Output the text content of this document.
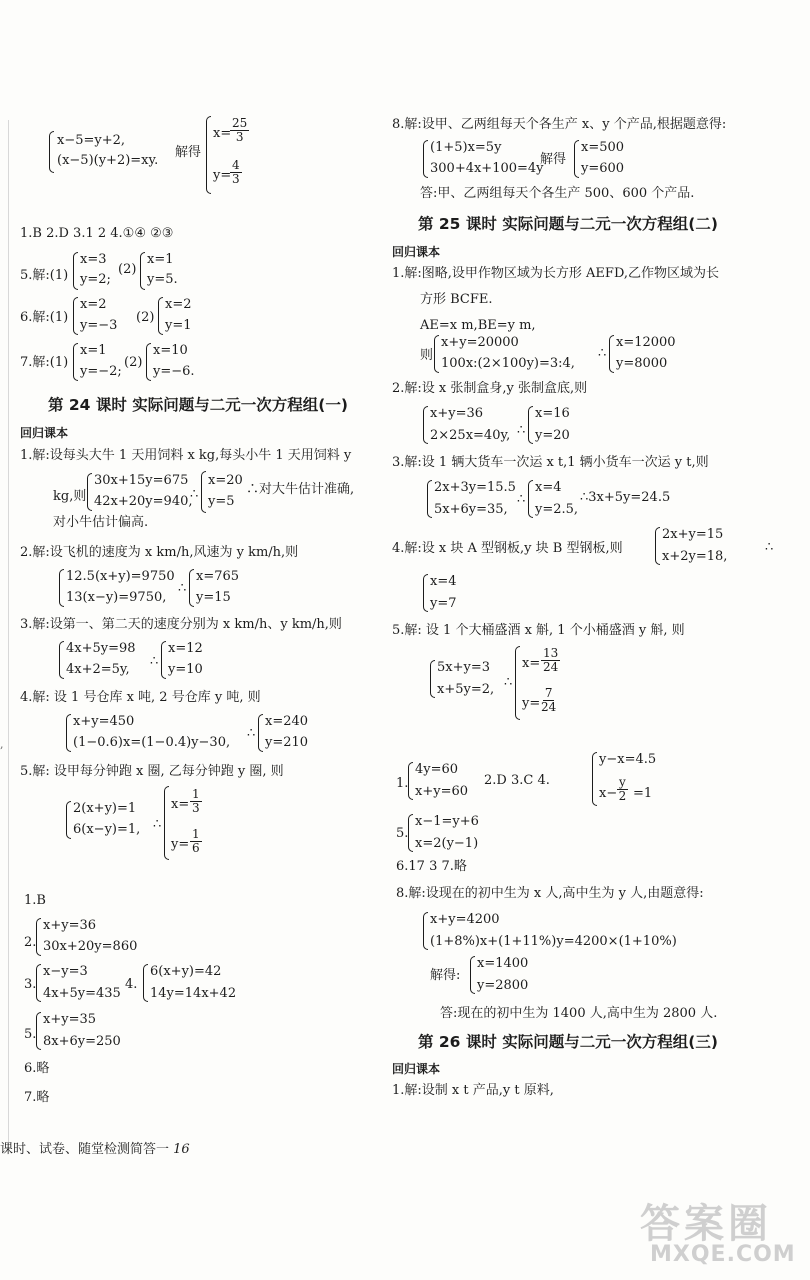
,
x−5=y+2,
(x−5)(y+2)=xy.
解得
x=
$\frac{25}{3}$
y=
$\frac{4}{3}$
1.B 2.D 3.1 2 4.①④ ②③
5.解:(1)
x=3
y=2;
(2)
x=1
y=5.
6.解:(1)
x=2
y=−3
(2)
x=2
y=1
7.解:(1)
x=1
y=−2;
(2)
x=10
y=−6.
第 24 课时 实际问题与二元一次方程组(一)
回归课本
1.解:设每头大牛 1 天用饲料 x kg,每头小牛 1 天用饲料 y
kg,则
30x+15y=675
42x+20y=940,
∴
x=20
y=5
∴对大牛估计准确,
对小牛估计偏高.
2.解:设飞机的速度为 x km/h,风速为 y km/h,则
12.5(x+y)=9750
13(x−y)=9750,
∴
x=765
y=15
3.解:设第一、第二天的速度分别为 x km/h、y km/h,则
4x+5y=98
4x+2=5y,
∴
x=12
y=10
4.解: 设 1 号仓库 x 吨, 2 号仓库 y 吨, 则
x+y=450
(1−0.6)x=(1−0.4)y−30,
∴
x=240
y=210
5.解: 设甲每分钟跑 x 圈, 乙每分钟跑 y 圈, 则
2(x+y)=1
6(x−y)=1, ∴
$x= \frac{1}{3}$
$y= \frac{1}{6}$
1.B
2.
x+y=36
30x+20y=860
3.
x−y=3
4x+5y=435
4.
6(x+y)=42
14y=14x+42
5.
x+y=35
8x+6y=250
6.略
7.略
8.解:设甲、乙两组每天个各生产 x、y 个产品,根据题意得:
(1+5)x=5y
300+4x+100=4y
解得
x=500
y=600
答:甲、乙两组每天个各生产 500、600 个产品.
第 25 课时 实际问题与二元一次方程组(二)
回归课本
1.解:图略,设甲作物区域为长方形 AEFD,乙作物区域为长
方形 BCFE.
AE=x m,BE=y m,
则
x+y=20000
100x:(2×100y)=3:4,
∴
x=12000
y=8000
2.解:设 x 张制盒身,y 张制盒底,则
x+y=36
2×25x=40y, ∴
x=16
y=20
3.解:设 1 辆大货车一次运 x t,1 辆小货车一次运 y t,则
2x+3y=15.5
5x+6y=35,
∴
x=4
y=2.5,
∴3x+5y=24.5
4.解:设 x 块 A 型钢板,y 块 B 型钢板,则
2x+y=15
x+2y=18,
∴
x=4
y=7
5.解: 设 1 个大桶盛酒 x 斛, 1 个小桶盛酒 y 斛, 则
5x+y=3
x+5y=2, ∴
$x= \frac{13}{24}$
$y= \frac{7}{24}$
1.
4y=60
x+y=60
2.D 3.C 4.
y−x=4.5
$x- \frac{y}{2} =1$
5.
x−1=y+6
x=2(y−1)
6.17 3 7.略
8.解:设现在的初中生为 x 人,高中生为 y 人,由题意得:
x+y=4200
(1+8%)x+(1+11%)y=4200×(1+10%)
解得:
x=1400
y=2800
答:现在的初中生为 1400 人,高中生为 2800 人.
第 26 课时 实际问题与二元一次方程组(三)
回归课本
1.解:设制 x t 产品,y t 原料,
课时、试卷、随堂检测简答一 16
答案圈
MXQE.COM
